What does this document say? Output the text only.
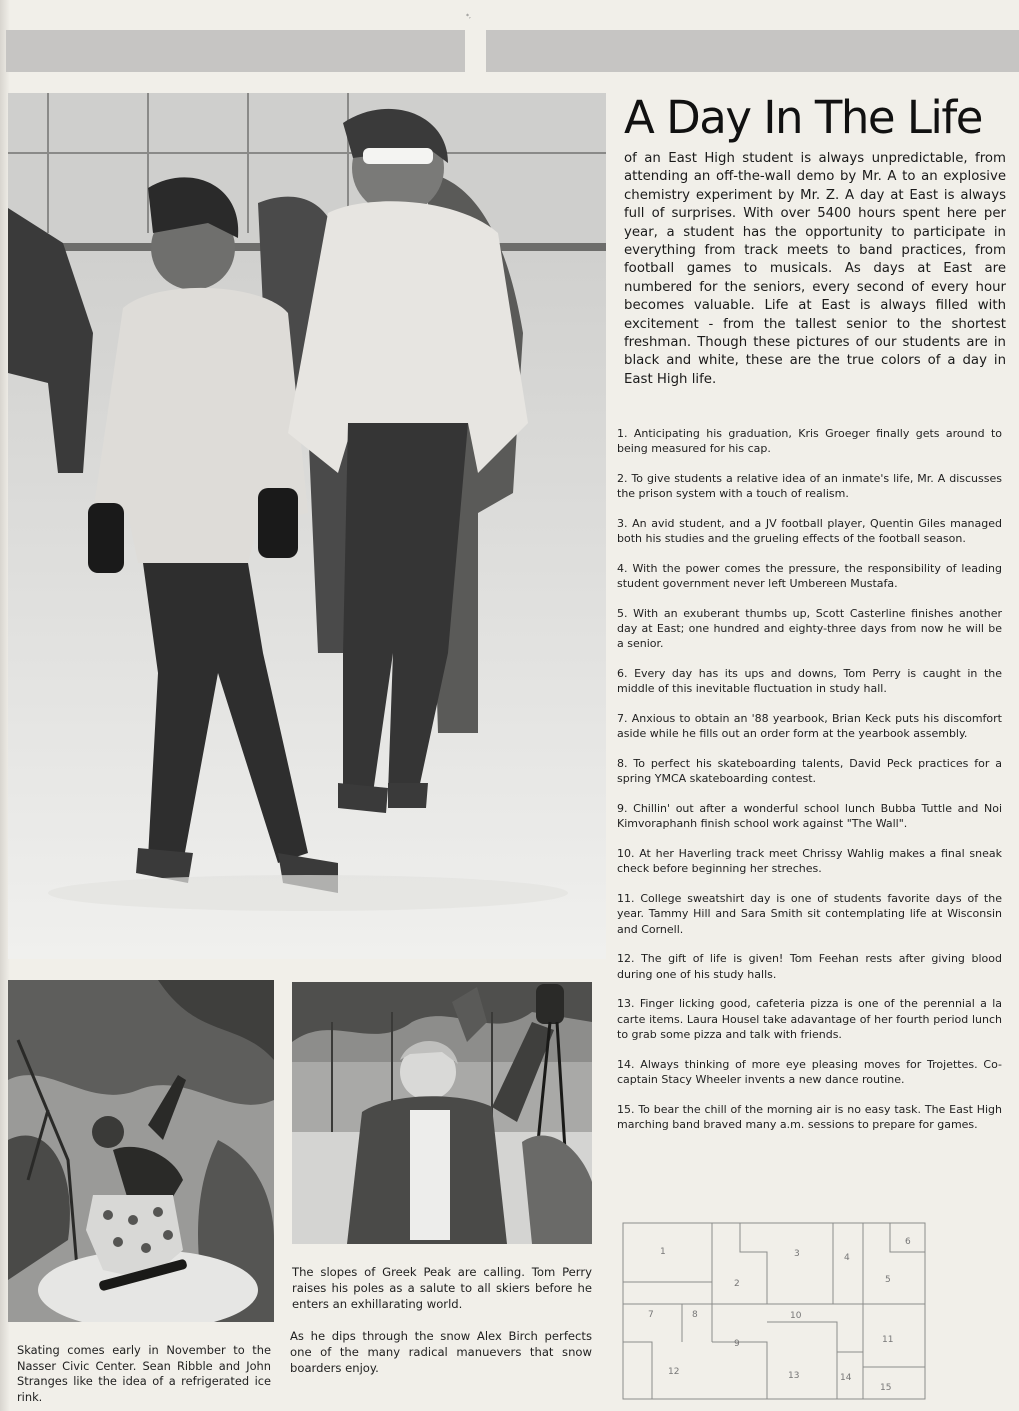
*,
A Day In The Life

of an East High student is always unpredictable, from attending an off-the-wall demo by Mr. A to an explosive chemistry experiment by Mr. Z. A day at East is always full of surprises. With over 5400 hours spent here per year, a student has the opportunity to participate in everything from track meets to band practices, from football games to musicals. As days at East are numbered for the seniors, every second of every hour becomes valuable. Life at East is always filled with excitement - from the tallest senior to the shortest freshman. Though these pictures of our students are in black and white, these are the true colors of a day in East High life.

1. Anticipating his graduation, Kris Groeger finally gets around to being measured for his cap.
2. To give students a relative idea of an inmate's life, Mr. A discusses the prison system with a touch of realism.
3. An avid student, and a JV football player, Quentin Giles managed both his studies and the grueling effects of the football season.
4. With the power comes the pressure, the responsibility of leading student government never left Umbereen Mustafa.
5. With an exuberant thumbs up, Scott Casterline finishes another day at East; one hundred and eighty-three days from now he will be a senior.
6. Every day has its ups and downs, Tom Perry is caught in the middle of this inevitable fluctuation in study hall.
7. Anxious to obtain an '88 yearbook, Brian Keck puts his discomfort aside while he fills out an order form at the yearbook assembly.
8. To perfect his skateboarding talents, David Peck practices for a spring YMCA skateboarding contest.
9. Chillin' out after a wonderful school lunch Bubba Tuttle and Noi Kimvoraphanh finish school work against "The Wall".
10. At her Haverling track meet Chrissy Wahlig makes a final sneak check before beginning her streches.
11. College sweatshirt day is one of students favorite days of the year. Tammy Hill and Sara Smith sit contemplating life at Wisconsin and Cornell.
12. The gift of life is given! Tom Feehan rests after giving blood during one of his study halls.
13. Finger licking good, cafeteria pizza is one of the perennial a la carte items. Laura Housel take adavantage of her fourth period lunch to grab some pizza and talk with friends.
14. Always thinking of more eye pleasing moves for Trojettes. Co-captain Stacy Wheeler invents a new dance routine.
15. To bear the chill of the morning air is no easy task. The East High marching band braved many a.m. sessions to prepare for games.

The slopes of Greek Peak are calling. Tom Perry raises his poles as a salute to all skiers before he enters an exhillarating world.

As he dips through the snow Alex Birch perfects one of the many radical manuevers that snow boarders enjoy.

Skating comes early in November to the Nasser Civic Center. Sean Ribble and John Stranges like the idea of a refrigerated ice rink.

1
2
3	4
5
6
7	8
9
10
11
12	13	14
15
